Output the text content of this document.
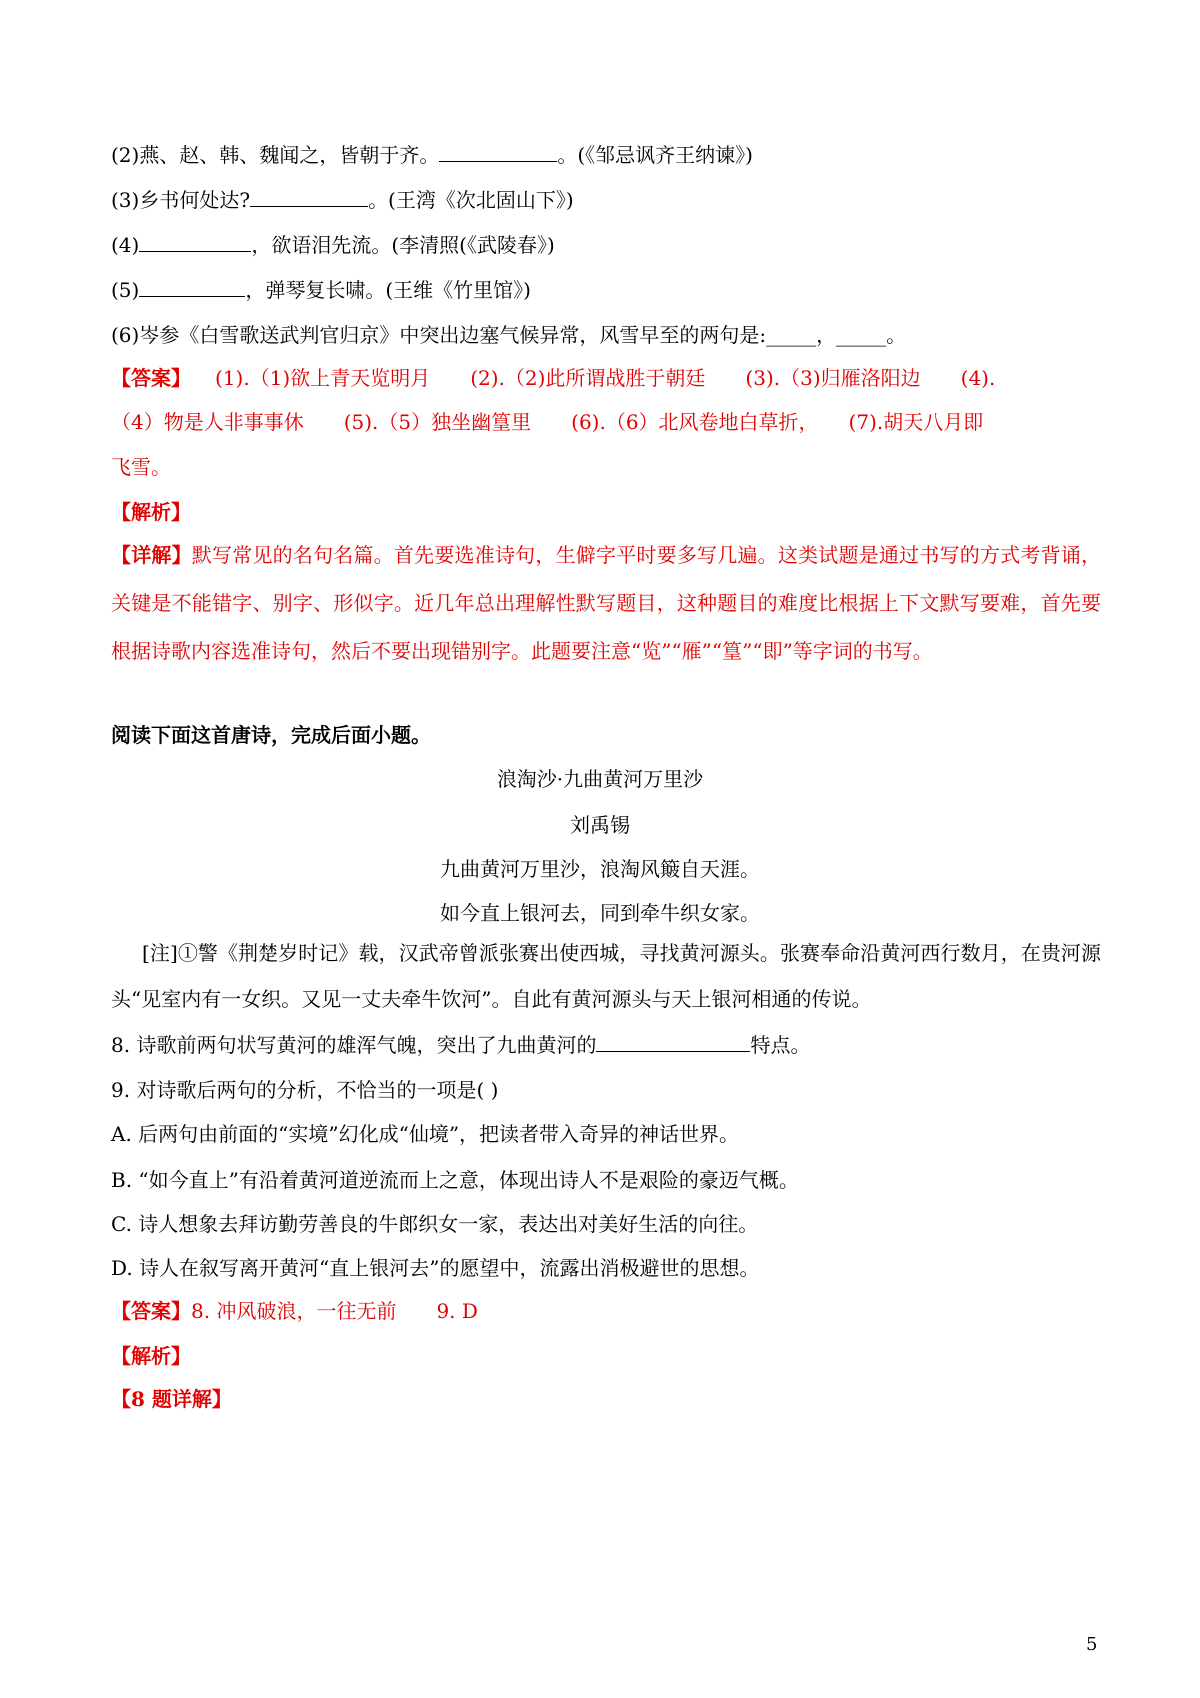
(2)燕、赵、韩、魏闻之，皆朝于齐。	。(《邹忌讽齐王纳谏》)
(3)乡书何处达?	。(王湾《次北固山下》)
(4)	，欲语泪先流。(李清照(《武陵春》)
(5)	，弹琴复长啸。(王维《竹里馆》)
(6)岑参《白雪歌送武判官归京》中突出边塞气候异常，风雪早至的两句是:_____，_____。
【答案】 (1).（1)欲上青天览明月　　(2).（2)此所谓战胜于朝廷　　(3).（3)归雁洛阳边　　(4).
（4）物是人非事事休　　(5).（5）独坐幽篁里　　(6).（6）北风卷地白草折，　　(7).胡天八月即
飞雪。
【解析】
【详解】默写常见的名句名篇。首先要选准诗句，生僻字平时要多写几遍。这类试题是通过书写的方式考背诵，关键是不能错字、别字、形似字。近几年总出理解性默写题目，这种题目的难度比根据上下文默写要难，首先要根据诗歌内容选准诗句，然后不要出现错别字。此题要注意“览”“雁”“篁”“即”等字词的书写。
阅读下面这首唐诗，完成后面小题。
浪淘沙·九曲黄河万里沙
刘禹锡
九曲黄河万里沙，浪淘风簸自天涯。
如今直上银河去，同到牵牛织女家。
[注]①警《荆楚岁时记》载，汉武帝曾派张赛出使西城，寻找黄河源头。张赛奉命沿黄河西行数月，在贵河源头“见室内有一女织。又见一丈夫牵牛饮河”。自此有黄河源头与天上银河相通的传说。
8. 诗歌前两句状写黄河的雄浑气魄，突出了九曲黄河的	特点。
9. 对诗歌后两句的分析，不恰当的一项是( )
A. 后两句由前面的“实境”幻化成“仙境”，把读者带入奇异的神话世界。
B. “如今直上”有沿着黄河道逆流而上之意，体现出诗人不是艰险的豪迈气概。
C. 诗人想象去拜访勤劳善良的牛郎织女一家，表达出对美好生活的向往。
D. 诗人在叙写离开黄河“直上银河去”的愿望中，流露出消极避世的思想。
【答案】8. 冲风破浪，一往无前　　9. D
【解析】
【8 题详解】
5
